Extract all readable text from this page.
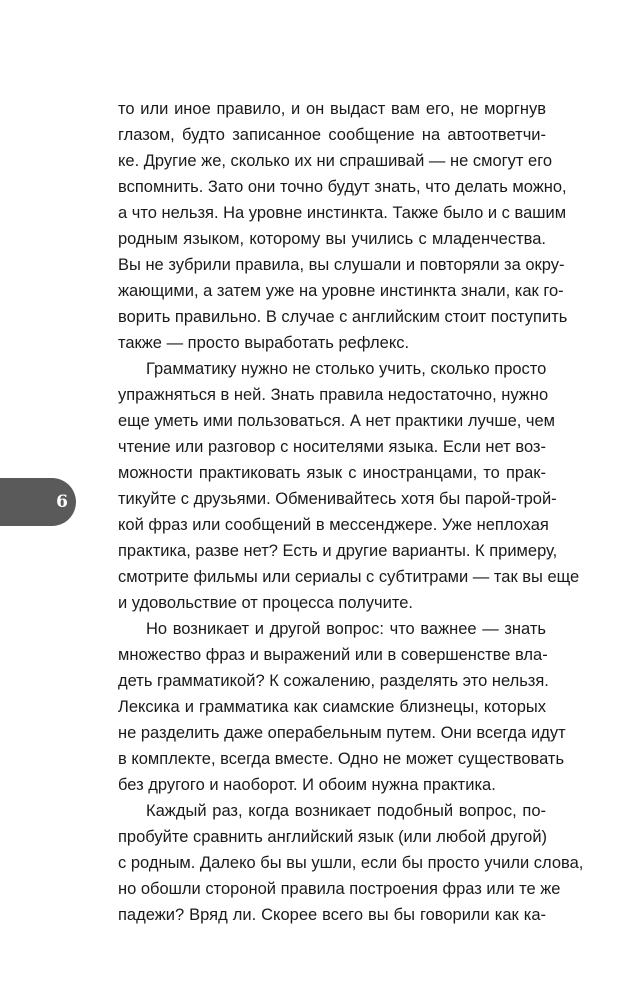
6
то или иное правило, и он выдаст вам его, не моргнув
глазом, будто записанное сообщение на автоответчи-
ке. Другие же, сколько их ни спрашивай — не смогут его
вспомнить. Зато они точно будут знать, что делать можно,
а что нельзя. На уровне инстинкта. Также было и с вашим
родным языком, которому вы учились с младенчества.
Вы не зубрили правила, вы слушали и повторяли за окру-
жающими, а затем уже на уровне инстинкта знали, как го-
ворить правильно. В случае с английским стоит поступить
также — просто выработать рефлекс.
Грамматику нужно не столько учить, сколько просто
упражняться в ней. Знать правила недостаточно, нужно
еще уметь ими пользоваться. А нет практики лучше, чем
чтение или разговор с носителями языка. Если нет воз-
можности практиковать язык с иностранцами, то прак-
тикуйте с друзьями. Обменивайтесь хотя бы парой-трой-
кой фраз или сообщений в мессенджере. Уже неплохая
практика, разве нет? Есть и другие варианты. К примеру,
смотрите фильмы или сериалы с субтитрами — так вы еще
и удовольствие от процесса получите.
Но возникает и другой вопрос: что важнее — знать
множество фраз и выражений или в совершенстве вла-
деть грамматикой? К сожалению, разделять это нельзя.
Лексика и грамматика как сиамские близнецы, которых
не разделить даже операбельным путем. Они всегда идут
в комплекте, всегда вместе. Одно не может существовать
без другого и наоборот. И обоим нужна практика.
Каждый раз, когда возникает подобный вопрос, по-
пробуйте сравнить английский язык (или любой другой)
с родным. Далеко бы вы ушли, если бы просто учили слова,
но обошли стороной правила построения фраз или те же
падежи? Вряд ли. Скорее всего вы бы говорили как ка-
